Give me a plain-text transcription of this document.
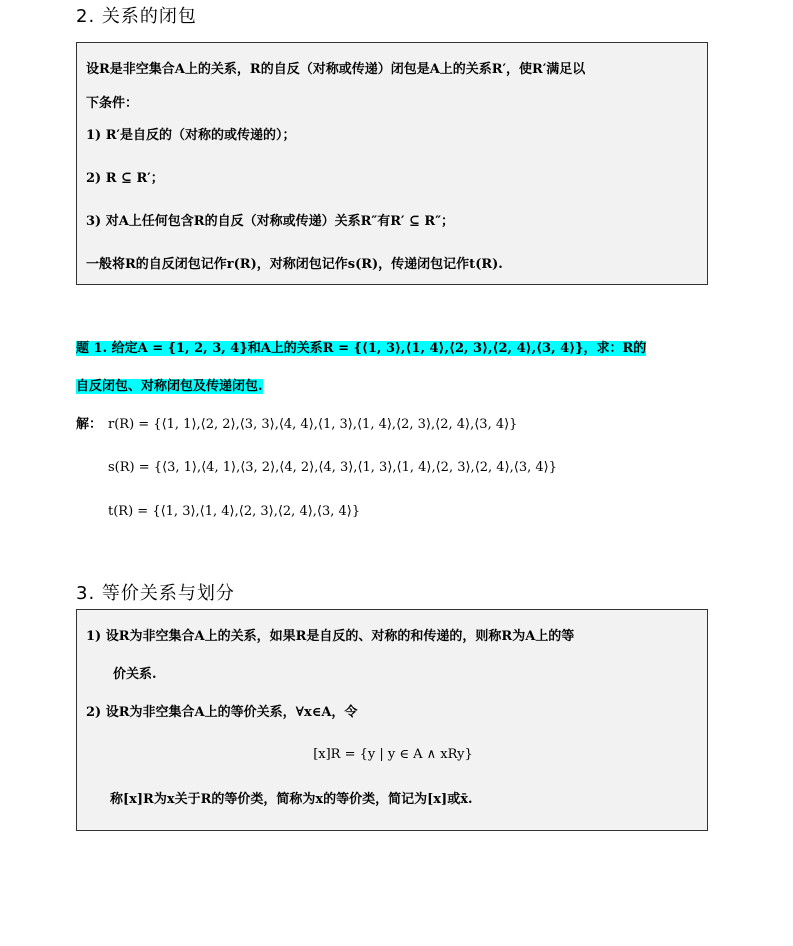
2. 关系的闭包
设R是非空集合A上的关系，R的自反（对称或传递）闭包是A上的关系R′，使R′满足以
下条件：
1) R′是自反的（对称的或传递的）；
2) R ⊆ R′；
3) 对A上任何包含R的自反（对称或传递）关系R″有R′ ⊆ R″；
一般将R的自反闭包记作r(R)，对称闭包记作s(R)，传递闭包记作t(R).
题 1. 给定A = {1, 2, 3, 4}和A上的关系R = {⟨1, 3⟩,⟨1, 4⟩,⟨2, 3⟩,⟨2, 4⟩,⟨3, 4⟩}，求：R的
自反闭包、对称闭包及传递闭包.
解： r(R) = {⟨1, 1⟩,⟨2, 2⟩,⟨3, 3⟩,⟨4, 4⟩,⟨1, 3⟩,⟨1, 4⟩,⟨2, 3⟩,⟨2, 4⟩,⟨3, 4⟩}
s(R) = {⟨3, 1⟩,⟨4, 1⟩,⟨3, 2⟩,⟨4, 2⟩,⟨4, 3⟩,⟨1, 3⟩,⟨1, 4⟩,⟨2, 3⟩,⟨2, 4⟩,⟨3, 4⟩}
t(R) = {⟨1, 3⟩,⟨1, 4⟩,⟨2, 3⟩,⟨2, 4⟩,⟨3, 4⟩}
3. 等价关系与划分
1) 设R为非空集合A上的关系，如果R是自反的、对称的和传递的，则称R为A上的等
价关系.
2) 设R为非空集合A上的等价关系，∀x∈A，令
[x]R = {y | y ∈ A ∧ xRy}
称[x]R为x关于R的等价类，简称为x的等价类，简记为[x]或x̄.
